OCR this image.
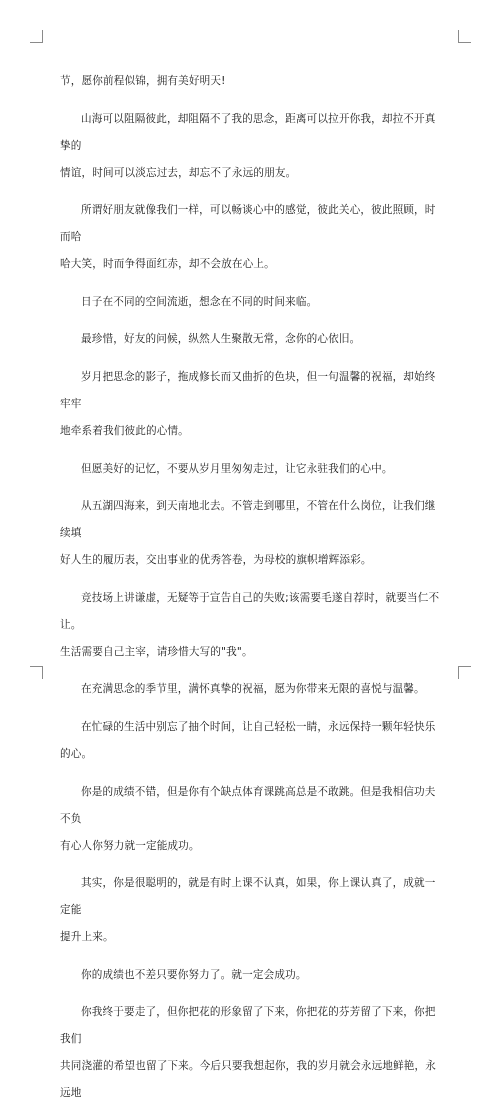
节，愿你前程似锦，拥有美好明天!

山海可以阻隔彼此，却阻隔不了我的思念，距离可以拉开你我，却拉不开真挚的
情谊，时间可以淡忘过去，却忘不了永远的朋友。

所谓好朋友就像我们一样，可以畅谈心中的感觉，彼此关心，彼此照顾，时而哈
哈大笑，时而争得面红赤，却不会放在心上。

日子在不同的空间流逝，想念在不同的时间来临。

最珍惜，好友的问候，纵然人生聚散无常，念你的心依旧。

岁月把思念的影子，拖成修长而又曲折的色块，但一句温馨的祝福，却始终牢牢
地牵系着我们彼此的心情。

但愿美好的记忆，不要从岁月里匆匆走过，让它永驻我们的心中。

从五湖四海来，到天南地北去。不管走到哪里，不管在什么岗位，让我们继续填
好人生的履历表，交出事业的优秀答卷，为母校的旗帜增辉添彩。

竞技场上讲谦虚，无疑等于宣告自己的失败;该需要毛遂自荐时，就要当仁不让。
生活需要自己主宰，请珍惜大写的"我"。

在充满思念的季节里，满怀真挚的祝福，愿为你带来无限的喜悦与温馨。

在忙碌的生活中别忘了抽个时间，让自己轻松一睛，永远保持一颗年轻快乐的心。

你是的成绩不错，但是你有个缺点体育课跳高总是不敢跳。但是我相信功夫不负
有心人你努力就一定能成功。

其实，你是很聪明的，就是有时上课不认真，如果，你上课认真了，成就一定能
提升上来。

你的成绩也不差只要你努力了。就一定会成功。

你我终于要走了，但你把花的形象留了下来，你把花的芬芳留了下来，你把我们
共同浇灌的希望也留了下来。今后只要我想起你，我的岁月就会永远地鲜艳，永远地
